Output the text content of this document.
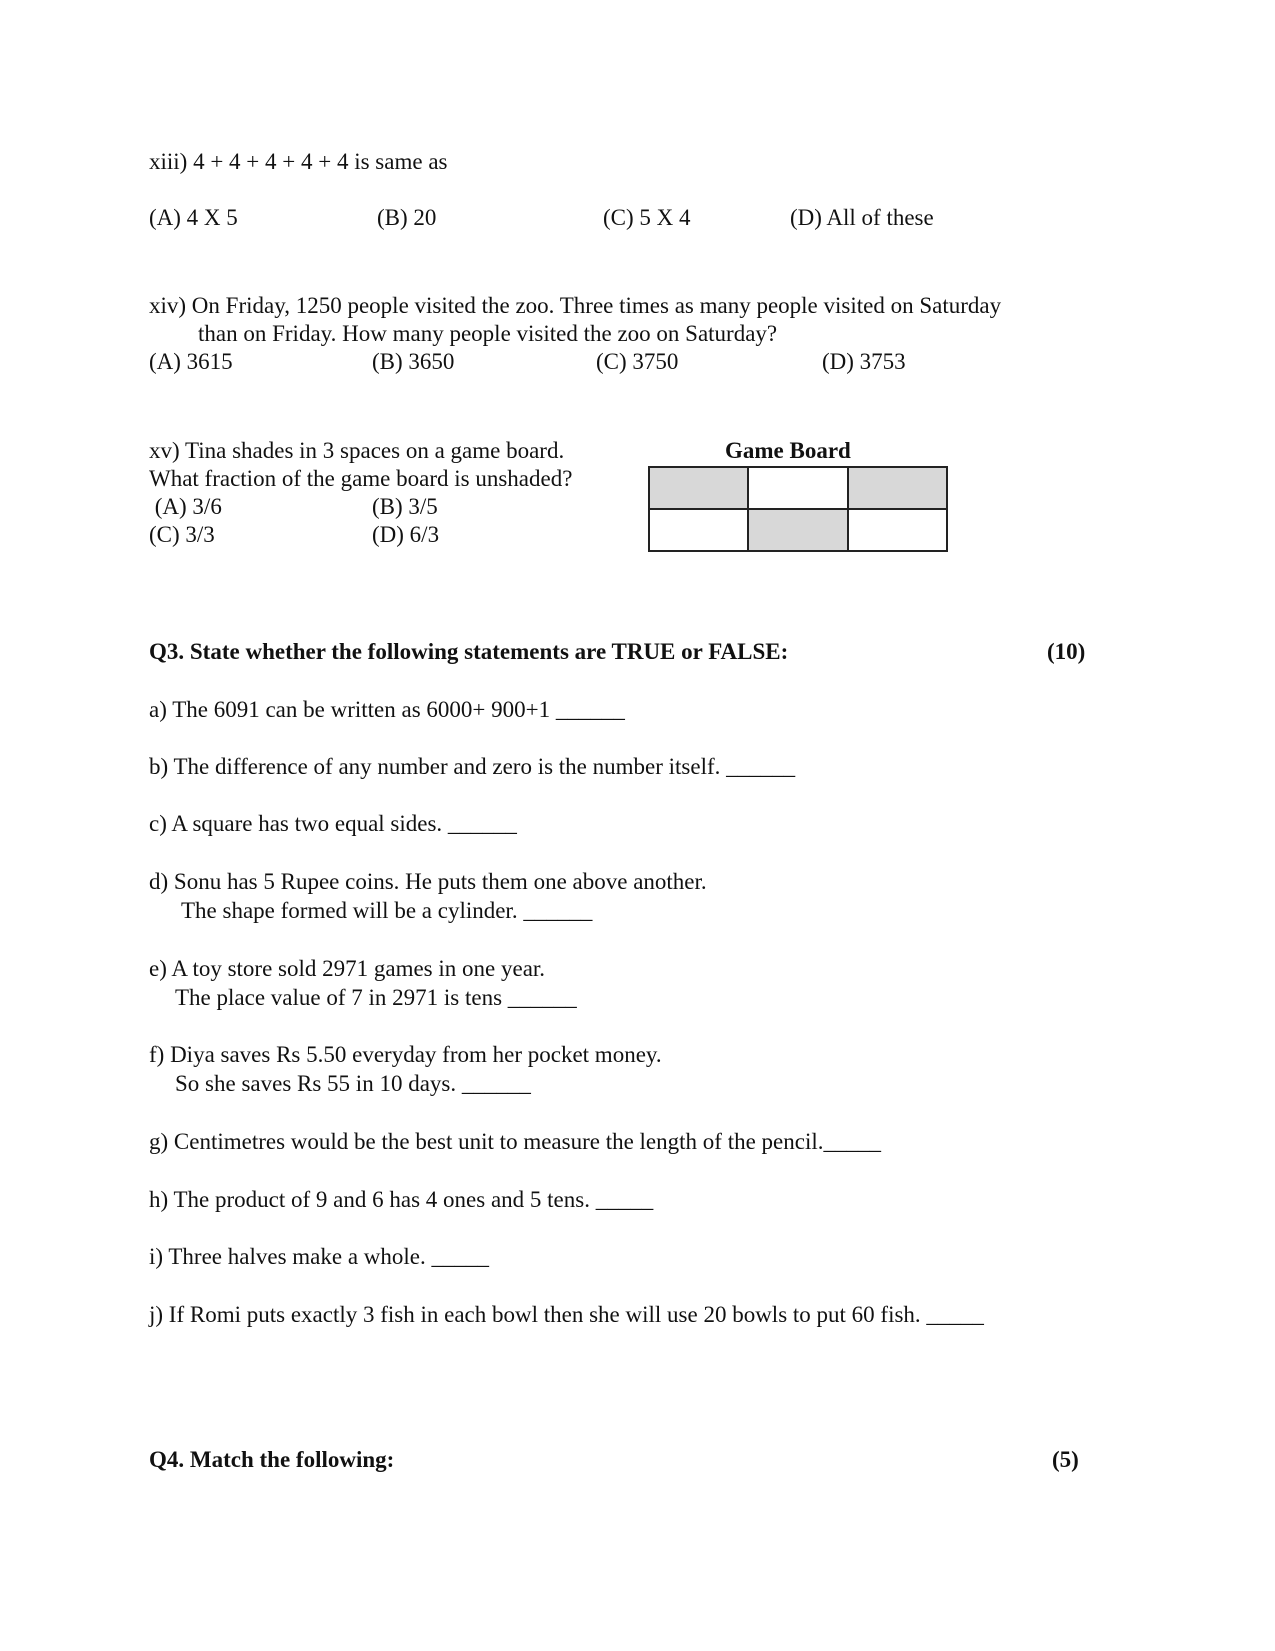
xiii) 4 + 4 + 4 + 4 + 4 is same as
(A) 4 X 5	(B) 20	(C) 5 X 4	(D) All of these
xiv) On Friday, 1250 people visited the zoo. Three times as many people visited on Saturday
than on Friday. How many people visited the zoo on Saturday?
(A) 3615	(B) 3650	(C) 3750	(D) 3753
xv) Tina shades in 3 spaces on a game board.
What fraction of the game board is unshaded?
(A) 3/6	(B) 3/5
(C) 3/3	(D) 6/3
Game Board
Q3. State whether the following statements are TRUE or FALSE:	(10)
a) The 6091 can be written as 6000+ 900+1 ______
b) The difference of any number and zero is the number itself. ______
c) A square has two equal sides. ______
d) Sonu has 5 Rupee coins. He puts them one above another.
The shape formed will be a cylinder. ______
e) A toy store sold 2971 games in one year.
The place value of 7 in 2971 is tens ______
f) Diya saves Rs 5.50 everyday from her pocket money.
So she saves Rs 55 in 10 days. ______
g) Centimetres would be the best unit to measure the length of the pencil._____
h) The product of 9 and 6 has 4 ones and 5 tens. _____
i) Three halves make a whole. _____
j) If Romi puts exactly 3 fish in each bowl then she will use 20 bowls to put 60 fish. _____
Q4. Match the following:	(5)
